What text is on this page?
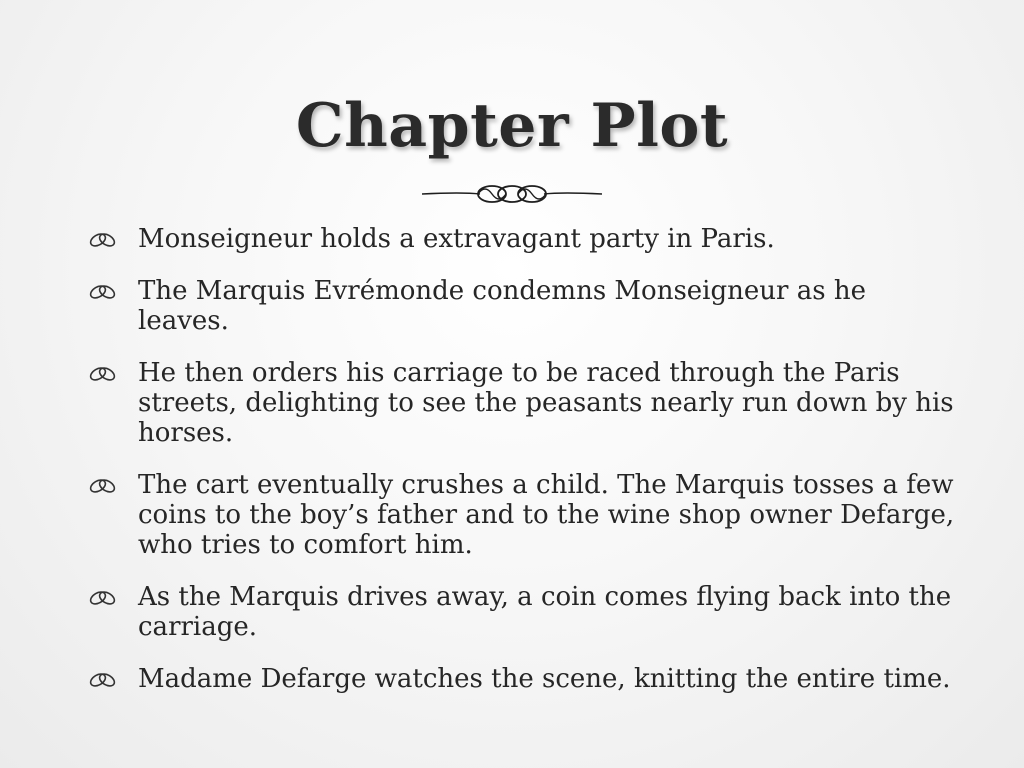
Chapter Plot
Monseigneur holds a extravagant party in Paris.
The Marquis Evrémonde condemns Monseigneur as he leaves.
He then orders his carriage to be raced through the Paris streets, delighting to see the peasants nearly run down by his horses.
The cart eventually crushes a child. The Marquis tosses a few coins to the boy’s father and to the wine shop owner Defarge, who tries to comfort him.
As the Marquis drives away, a coin comes flying back into the carriage.
Madame Defarge watches the scene, knitting the entire time.
